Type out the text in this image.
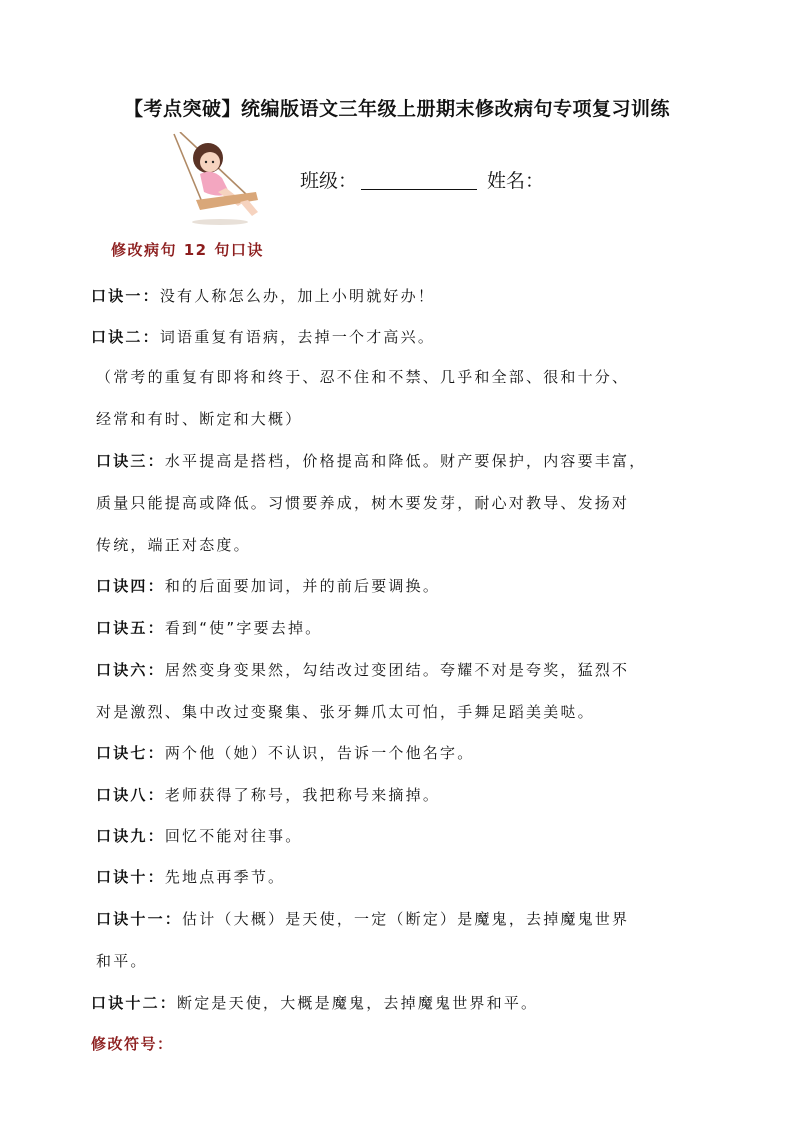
【考点突破】统编版语文三年级上册期末修改病句专项复习训练
班级：	姓名：
修改病句 12 句口诀
口诀一：没有人称怎么办，加上小明就好办！
口诀二：词语重复有语病，去掉一个才高兴。
（常考的重复有即将和终于、忍不住和不禁、几乎和全部、很和十分、
经常和有时、断定和大概）
口诀三：水平提高是搭档，价格提高和降低。财产要保护，内容要丰富，
质量只能提高或降低。习惯要养成，树木要发芽，耐心对教导、发扬对
传统，端正对态度。
口诀四：和的后面要加词，并的前后要调换。
口诀五：看到“使”字要去掉。
口诀六：居然变身变果然，勾结改过变团结。夸耀不对是夸奖，猛烈不
对是激烈、集中改过变聚集、张牙舞爪太可怕，手舞足蹈美美哒。
口诀七：两个他（她）不认识，告诉一个他名字。
口诀八：老师获得了称号，我把称号来摘掉。
口诀九：回忆不能对往事。
口诀十：先地点再季节。
口诀十一：估计（大概）是天使，一定（断定）是魔鬼，去掉魔鬼世界
和平。
口诀十二：断定是天使，大概是魔鬼，去掉魔鬼世界和平。
修改符号：
